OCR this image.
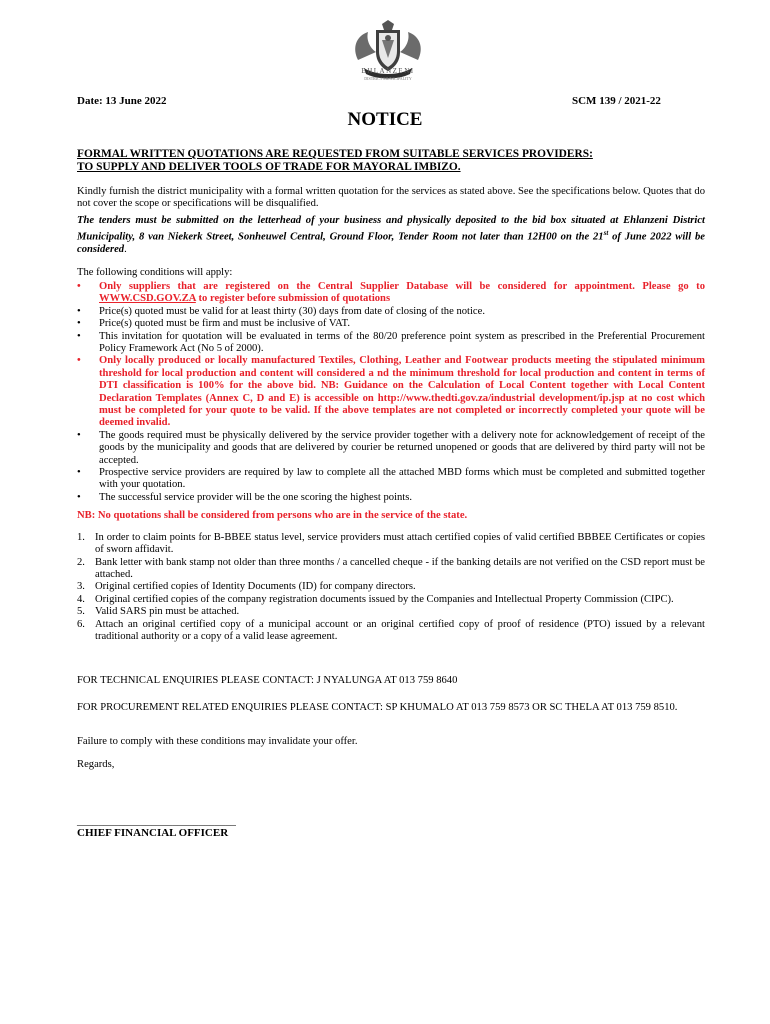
EHLANZENI
DISTRICT MUNICIPALITY
Date: 13 June 2022	SCM 139 / 2021-22
NOTICE

FORMAL WRITTEN QUOTATIONS ARE REQUESTED FROM SUITABLE SERVICES PROVIDERS:
TO SUPPLY AND DELIVER TOOLS OF TRADE FOR MAYORAL IMBIZO.

Kindly furnish the district municipality with a formal written quotation for the services as stated above. See the specifications below. Quotes that do not cover the scope or specifications will be disqualified.

The tenders must be submitted on the letterhead of your business and physically deposited to the bid box situated at Ehlanzeni District Municipality, 8 van Niekerk Street, Sonheuwel Central, Ground Floor, Tender Room not later than 12H00 on the 21st of June 2022 will be considered.

The following conditions will apply:

• Only suppliers that are registered on the Central Supplier Database will be considered for appointment. Please go to WWW.CSD.GOV.ZA to register before submission of quotations
• Price(s) quoted must be valid for at least thirty (30) days from date of closing of the notice.
• Price(s) quoted must be firm and must be inclusive of VAT.
• This invitation for quotation will be evaluated in terms of the 80/20 preference point system as prescribed in the Preferential Procurement Policy Framework Act (No 5 of 2000).
• Only locally produced or locally manufactured Textiles, Clothing, Leather and Footwear products meeting the stipulated minimum threshold for local production and content will considered a nd the minimum threshold for local production and content in terms of DTI classification is 100% for the above bid. NB: Guidance on the Calculation of Local Content together with Local Content Declaration Templates (Annex C, D and E) is accessible on http://www.thedti.gov.za/industrial development/ip.jsp at no cost which must be completed for your quote to be valid. If the above templates are not completed or incorrectly completed your quote will be deemed invalid.
• The goods required must be physically delivered by the service provider together with a delivery note for acknowledgement of receipt of the goods by the municipality and goods that are delivered by courier be returned unopened or goods that are delivered by third party will not be accepted.
• Prospective service providers are required by law to complete all the attached MBD forms which must be completed and submitted together with your quotation.
• The successful service provider will be the one scoring the highest points.

NB: No quotations shall be considered from persons who are in the service of the state.

1. In order to claim points for B-BBEE status level, service providers must attach certified copies of valid certified BBBEE Certificates or copies of sworn affidavit.
2. Bank letter with bank stamp not older than three months / a cancelled cheque - if the banking details are not verified on the CSD report must be attached.
3. Original certified copies of Identity Documents (ID) for company directors.
4. Original certified copies of the company registration documents issued by the Companies and Intellectual Property Commission (CIPC).
5. Valid SARS pin must be attached.
6. Attach an original certified copy of a municipal account or an original certified copy of proof of residence (PTO) issued by a relevant traditional authority or a copy of a valid lease agreement.

FOR TECHNICAL ENQUIRIES PLEASE CONTACT: J NYALUNGA AT 013 759 8640

FOR PROCUREMENT RELATED ENQUIRIES PLEASE CONTACT: SP KHUMALO AT 013 759 8573 OR SC THELA AT 013 759 8510.

Failure to comply with these conditions may invalidate your offer.

Regards,

______________________________

CHIEF FINANCIAL OFFICER
